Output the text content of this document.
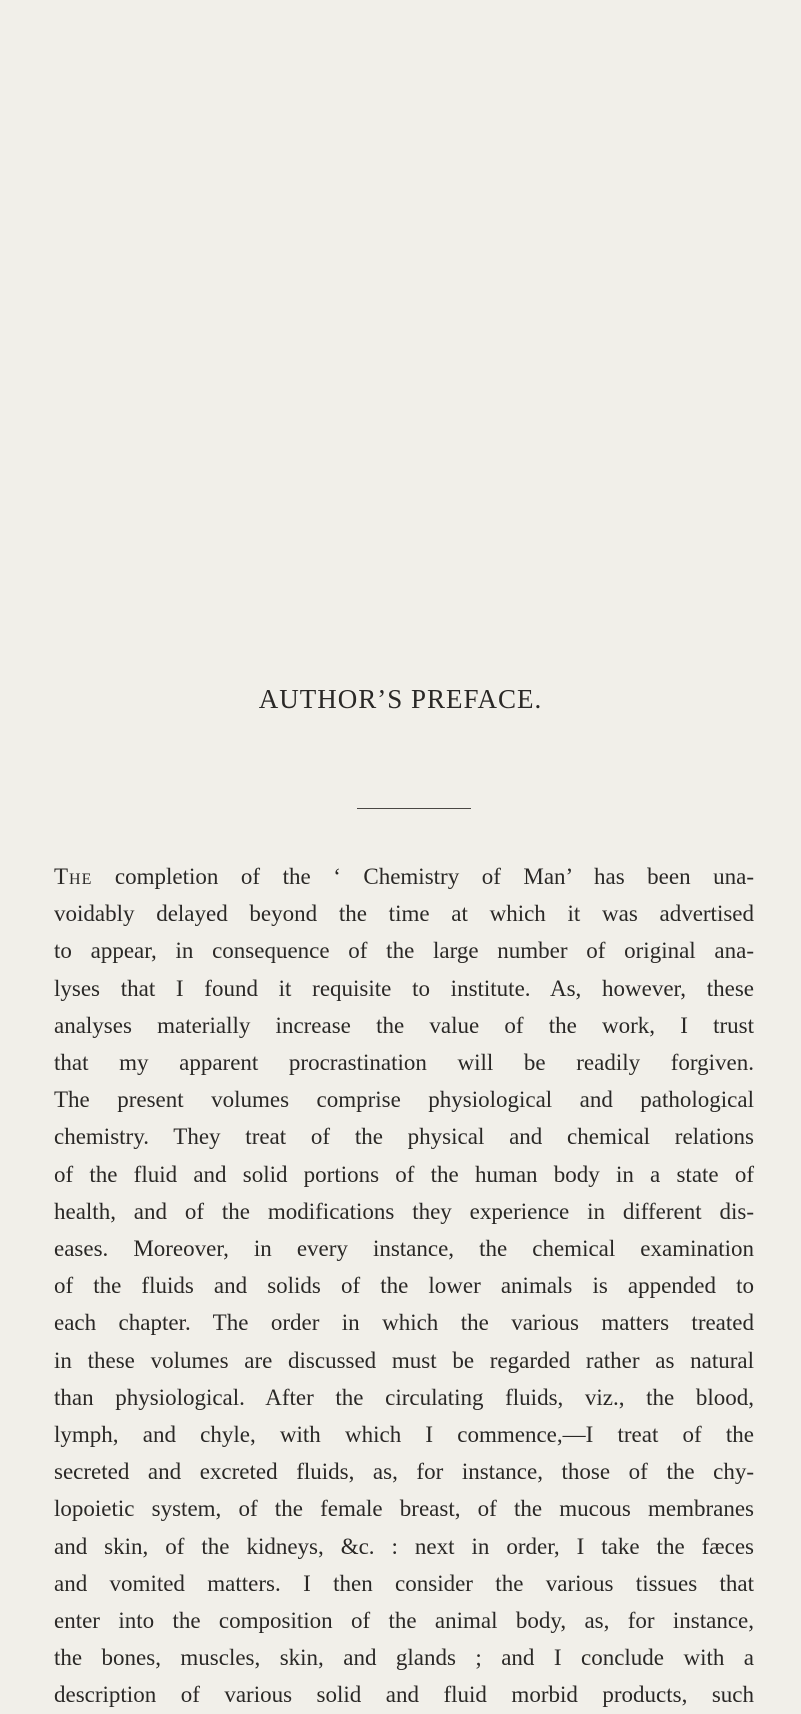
AUTHOR’S PREFACE.
The completion of the ‘ Chemistry of Man’ has been una-
voidably delayed beyond the time at which it was advertised
to appear, in consequence of the large number of original ana-
lyses that I found it requisite to institute. As, however, these
analyses materially increase the value of the work, I trust
that my apparent procrastination will be readily forgiven.
The present volumes comprise physiological and pathological
chemistry. They treat of the physical and chemical relations
of the fluid and solid portions of the human body in a state of
health, and of the modifications they experience in different dis-
eases. Moreover, in every instance, the chemical examination
of the fluids and solids of the lower animals is appended to
each chapter. The order in which the various matters treated
in these volumes are discussed must be regarded rather as natural
than physiological. After the circulating fluids, viz., the blood,
lymph, and chyle, with which I commence,—I treat of the
secreted and excreted fluids, as, for instance, those of the chy-
lopoietic system, of the female breast, of the mucous membranes
and skin, of the kidneys, &c. : next in order, I take the fæces
and vomited matters. I then consider the various tissues that
enter into the composition of the animal body, as, for instance,
the bones, muscles, skin, and glands ; and I conclude with a
description of various solid and fluid morbid products, such
